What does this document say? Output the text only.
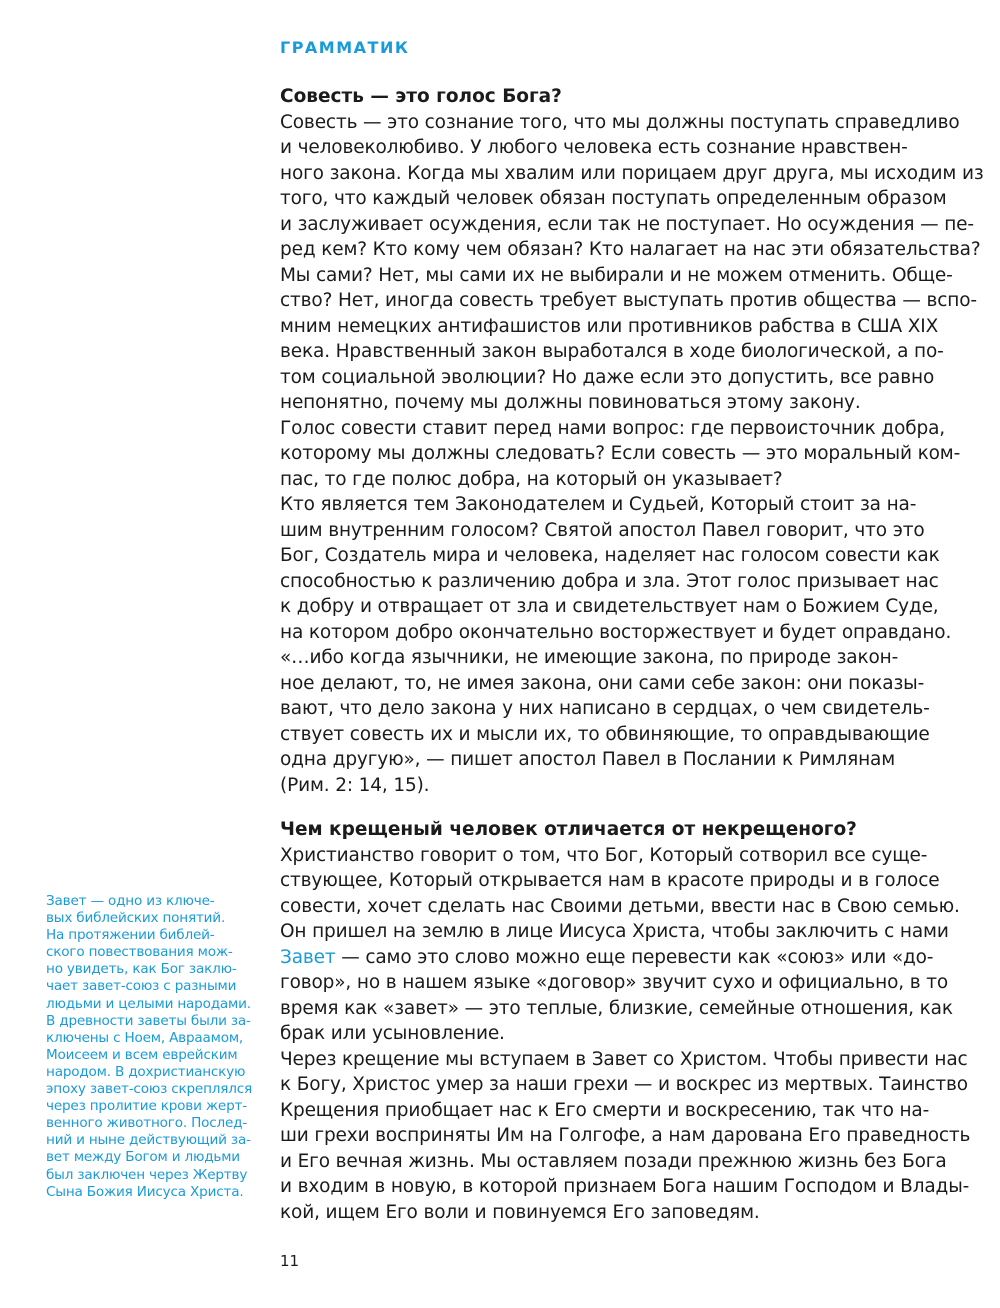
ГРАММАТИК

Совесть — это голос Бога?

Совесть — это сознание того, что мы должны поступать справедливо
и человеколюбиво. У любого человека есть сознание нравствен-
ного закона. Когда мы хвалим или порицаем друг друга, мы исходим из
того, что каждый человек обязан поступать определенным образом
и заслуживает осуждения, если так не поступает. Но осуждения — пе-
ред кем? Кто кому чем обязан? Кто налагает на нас эти обязательства?
Мы сами? Нет, мы сами их не выбирали и не можем отменить. Обще-
ство? Нет, иногда совесть требует выступать против общества — вспо-
мним немецких антифашистов или противников рабства в США XIX
века. Нравственный закон выработался в ходе биологической, а по-
том социальной эволюции? Но даже если это допустить, все равно
непонятно, почему мы должны повиноваться этому закону.
Голос совести ставит перед нами вопрос: где первоисточник добра,
которому мы должны следовать? Если совесть — это моральный ком-
пас, то где полюс добра, на который он указывает?
Кто является тем Законодателем и Судьей, Который стоит за на-
шим внутренним голосом? Святой апостол Павел говорит, что это
Бог, Создатель мира и человека, наделяет нас голосом совести как
способностью к различению добра и зла. Этот голос призывает нас
к добру и отвращает от зла и свидетельствует нам о Божием Суде,
на котором добро окончательно восторжествует и будет оправдано.
«…ибо когда язычники, не имеющие закона, по природе закон-
ное делают, то, не имея закона, они сами себе закон: они показы-
вают, что дело закона у них написано в сердцах, о чем свидетель-
ствует совесть их и мысли их, то обвиняющие, то оправдывающие
одна другую», — пишет апостол Павел в Послании к Римлянам
(Рим. 2: 14, 15).

Чем крещеный человек отличается от некрещеного?

Христианство говорит о том, что Бог, Который сотворил все суще-
ствующее, Который открывается нам в красоте природы и в голосе
совести, хочет сделать нас Своими детьми, ввести нас в Свою семью.
Он пришел на землю в лице Иисуса Христа, чтобы заключить с нами
Завет — само это слово можно еще перевести как «союз» или «до-
говор», но в нашем языке «договор» звучит сухо и официально, в то
время как «завет» — это теплые, близкие, семейные отношения, как
брак или усыновление.
Через крещение мы вступаем в Завет со Христом. Чтобы привести нас
к Богу, Христос умер за наши грехи — и воскрес из мертвых. Таинство
Крещения приобщает нас к Его смерти и воскресению, так что на-
ши грехи восприняты Им на Голгофе, а нам дарована Его праведность
и Его вечная жизнь. Мы оставляем позади прежнюю жизнь без Бога
и входим в новую, в которой признаем Бога нашим Господом и Влады-
кой, ищем Его воли и повинуемся Его заповедям.
Завет — одно из ключе-
вых библейских понятий.
На протяжении библей-
ского повествования мож-
но увидеть, как Бог заклю-
чает завет-союз с разными
людьми и целыми народами.
В древности заветы были за-
ключены с Ноем, Авраамом,
Моисеем и всем еврейским
народом. В дохристианскую
эпоху завет-союз скреплялся
через пролитие крови жерт-
венного животного. Послед-
ний и ныне действующий за-
вет между Богом и людьми
был заключен через Жертву
Сына Божия Иисуса Христа.
11
